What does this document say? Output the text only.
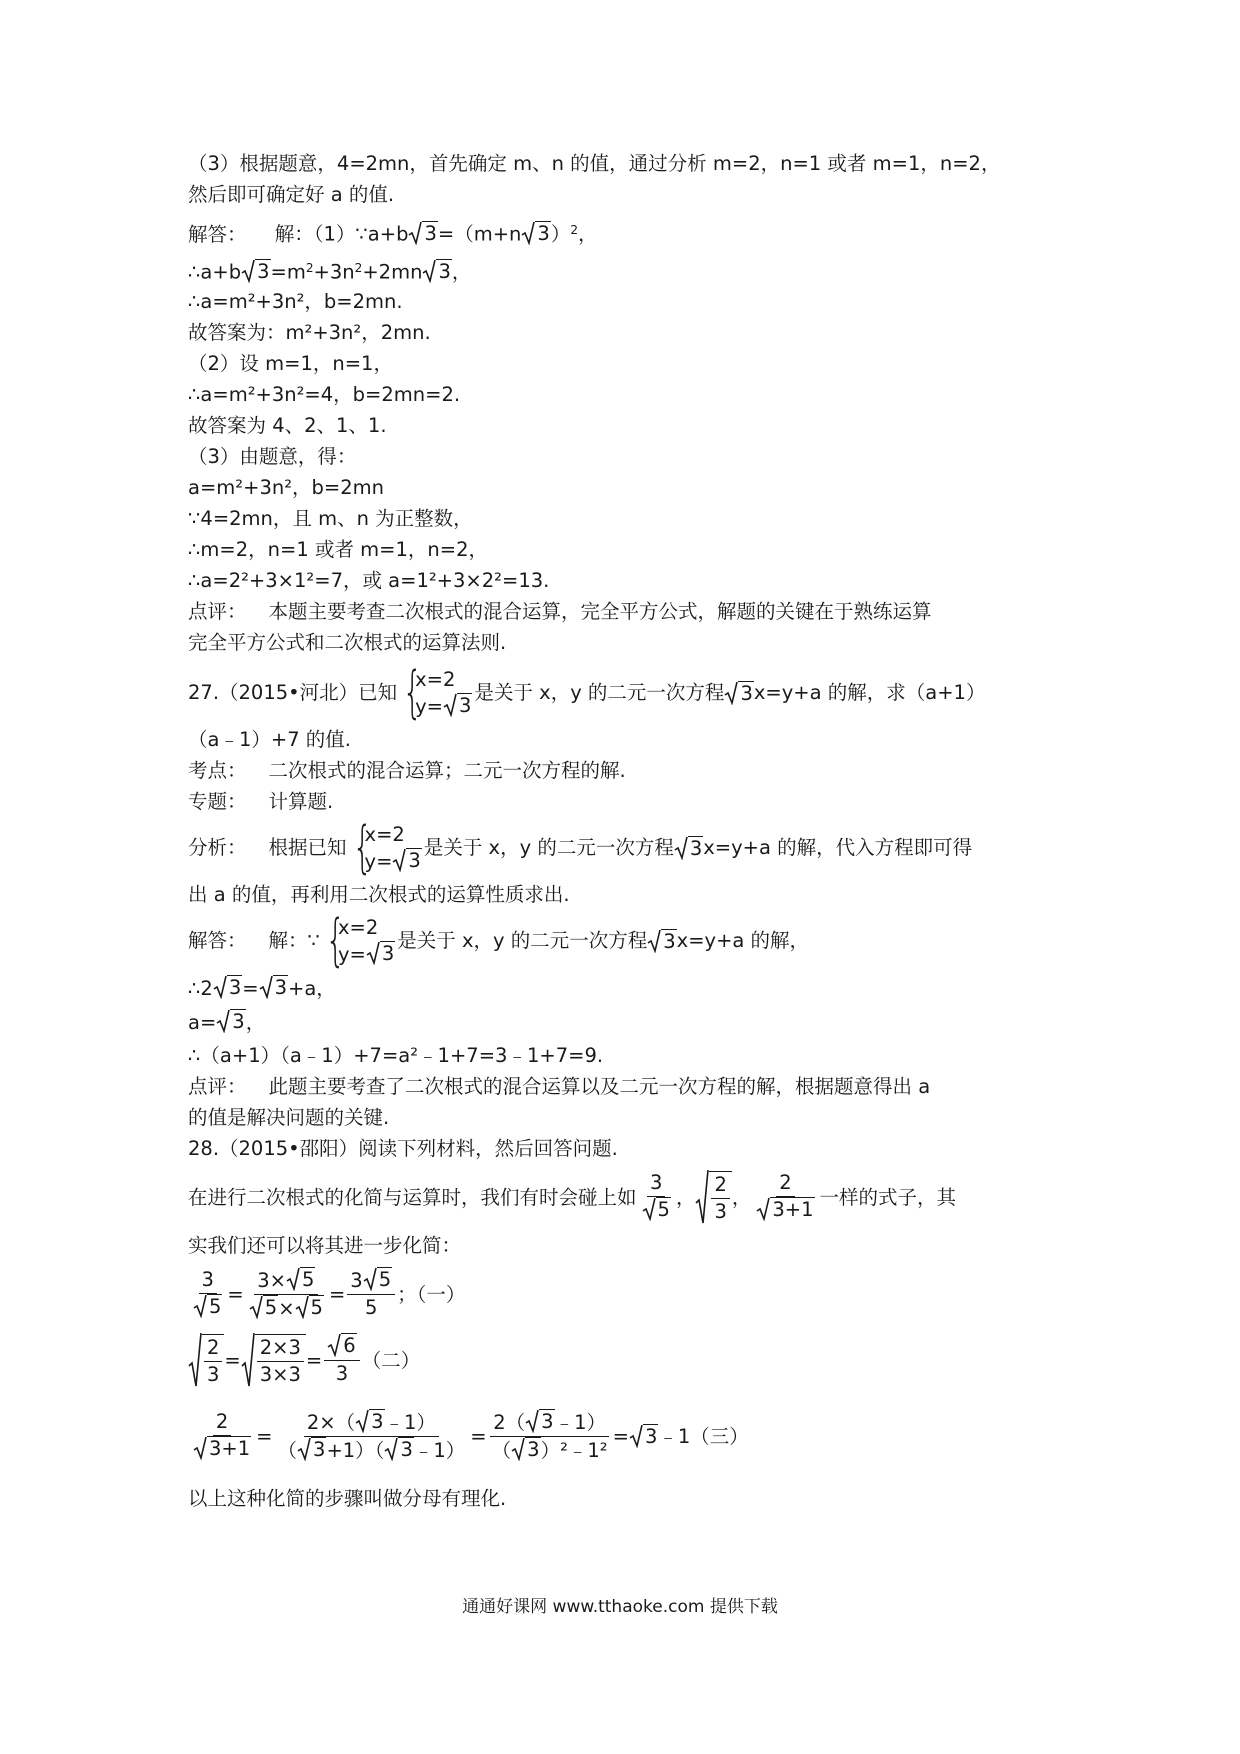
（3）根据题意，4=2mn，首先确定 m、n 的值，通过分析 m=2，n=1 或者 m=1，n=2，
然后即可确定好 a 的值.
解答： 解：（1）∵a+b 3 =（m+n 3 ）$^2$，
∴a+b $3 =m^2+3n^2+2mn$ 3 ，
∴a=m²+3n²，b=2mn.
故答案为：m²+3n²，2mn.
（2）设 m=1，n=1，
∴a=m²+3n²=4，b=2mn=2.
故答案为 4、2、1、1.
（3）由题意，得：
a=m²+3n²，b=2mn
∵4=2mn，且 m、n 为正整数，
∴m=2，n=1 或者 m=1，n=2，
∴a=2²+3×1²=7，或 a=1²+3×2²=13.
点评： 本题主要考查二次根式的混合运算，完全平方公式，解题的关键在于熟练运算
完全平方公式和二次根式的运算法则.
27.（2015•河北）已知 {
x=2
y= 3
是关于 x，y 的二元一次方程 3 x=y+a 的解，求（a+1）
（a﹣1）+7 的值.
考点： 二次根式的混合运算；二元一次方程的解.
专题： 计算题.
分析： 根据已知 {
x=2
y= 3
是关于 x，y 的二元一次方程 3 x=y+a 的解，代入方程即可得
出 a 的值，再利用二次根式的运算性质求出.
解答： 解：∵ {
x=2
y= 3
是关于 x，y 的二元一次方程 3 x=y+a 的解，
∴2 3 = 3 +a，
a= 3 ，
∴（a+1）（a﹣1）+7=a²﹣1+7=3﹣1+7=9.
点评： 此题主要考查了二次根式的混合运算以及二元一次方程的解，根据题意得出 a
的值是解决问题的关键.
28.（2015•邵阳）阅读下列材料，然后回答问题.
在进行二次根式的化简与运算时，我们有时会碰上如 $\frac{3}{5}$ ， $\frac{2}{3}$ ， $\frac{2}{3+1}$ 一样的式子，其
实我们还可以将其进一步化简：
$\frac{3}{5} = \frac{3\times 5}{5 \times 5} = \frac{3 5}{5}$ ；（一）
$\frac{2}{3} = \frac{2\times 3}{3\times 3} = \frac{6}{3}$ （二）
$\frac{2}{3+1} = \frac{2\times( 3 ﹣1)}{( 3 +1)( 3 ﹣1)} = \frac{2( 3 ﹣1)}{\text{（ 3 ）²﹣1²}} = 3$ ﹣1（三）
以上这种化简的步骤叫做分母有理化.
通通好课网 www.tthaoke.com 提供下载
